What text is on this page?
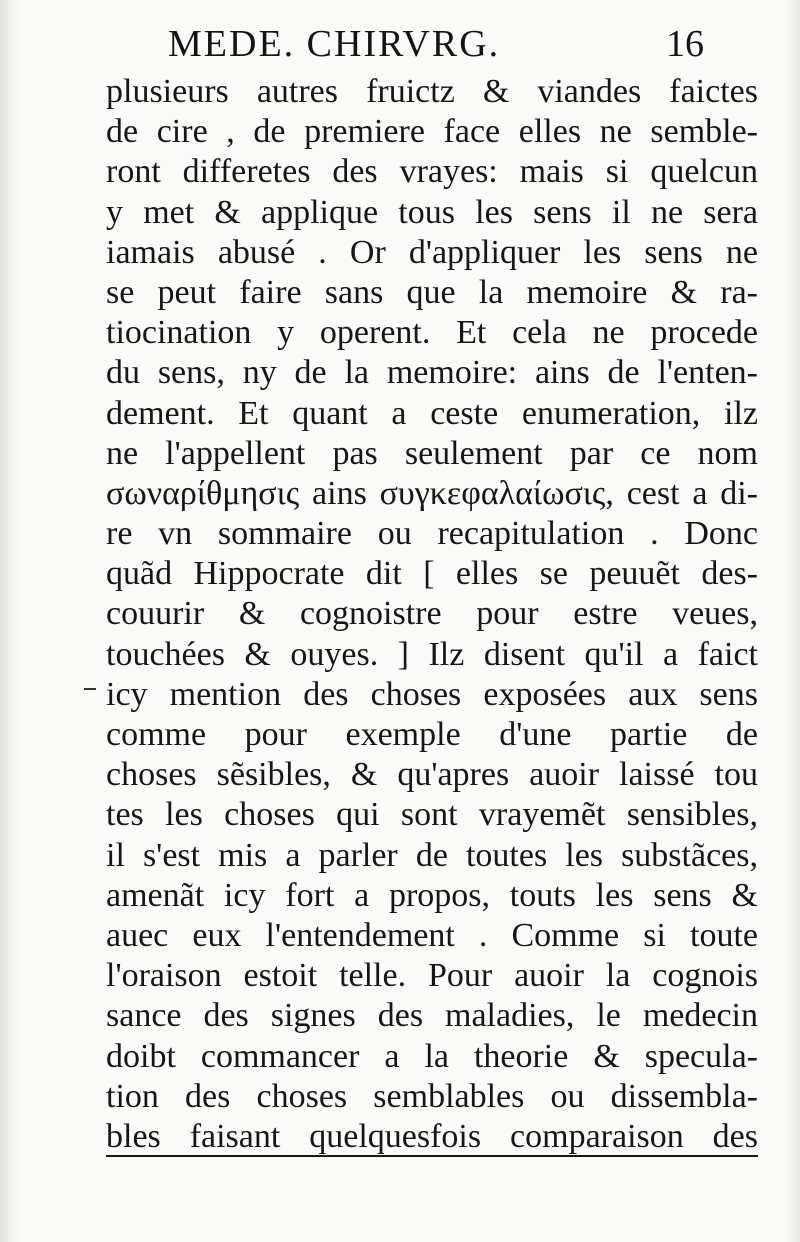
MEDE. CHIRVRG.	16
plusieurs autres fruictz & viandes faictes
de cire , de premiere face elles ne semble-
ront differetes des vrayes: mais si quelcun
y met & applique tous les sens il ne sera
iamais abusé . Or d'appliquer les sens ne
se peut faire sans que la memoire & ra-
tiocination y operent. Et cela ne procede
du sens, ny de la memoire: ains de l'enten-
dement. Et quant a ceste enumeration, ilz
ne l'appellent pas seulement par ce nom
σωναρίθμησις ains συγκεφαλαίωσις, cest a di-
re vn sommaire ou recapitulation . Donc
quãd Hippocrate dit [ elles se peuuẽt des-
couurir & cognoistre pour estre veues,
touchées & ouyes. ] Ilz disent qu'il a faict
icy mention des choses exposées aux sens
comme pour exemple d'une partie de
choses sẽsibles, & qu'apres auoir laissé tou
tes les choses qui sont vrayemẽt sensibles,
il s'est mis a parler de toutes les substãces,
amenãt icy fort a propos, touts les sens &
auec eux l'entendement . Comme si toute
l'oraison estoit telle. Pour auoir la cognois
sance des signes des maladies, le medecin
doibt commancer a la theorie & specula-
tion des choses semblables ou dissembla-
bles faisant quelquesfois comparaison des
